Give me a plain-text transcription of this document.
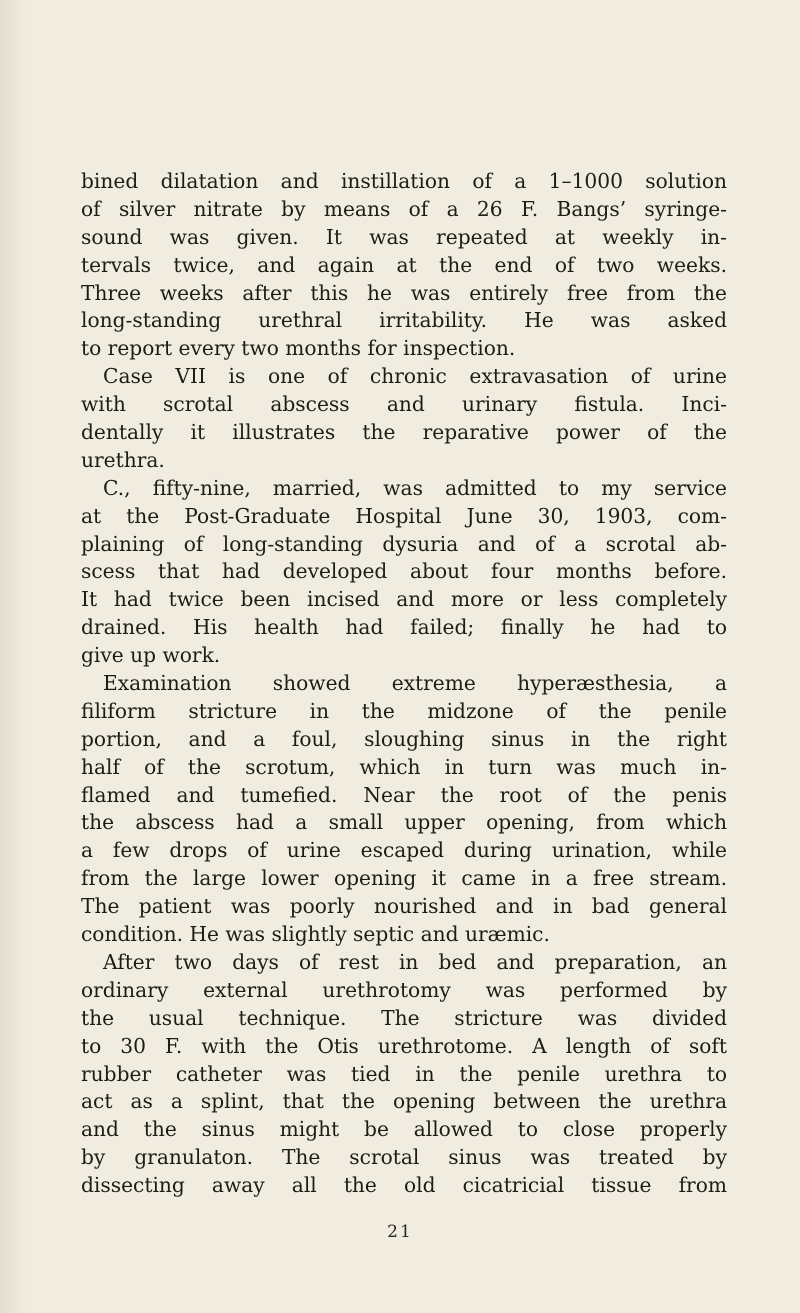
bined dilatation and instillation of a 1–1000 solution
of silver nitrate by means of a 26 F. Bangs’ syringe-
sound was given. It was repeated at weekly in-
tervals twice, and again at the end of two weeks.
Three weeks after this he was entirely free from the
long-standing urethral irritability. He was asked
to report every two months for inspection.
Case VII is one of chronic extravasation of urine
with scrotal abscess and urinary fistula. Inci-
dentally it illustrates the reparative power of the
urethra.
C., fifty-nine, married, was admitted to my service
at the Post-Graduate Hospital June 30, 1903, com-
plaining of long-standing dysuria and of a scrotal ab-
scess that had developed about four months before.
It had twice been incised and more or less completely
drained. His health had failed; finally he had to
give up work.
Examination showed extreme hyperæsthesia, a
filiform stricture in the midzone of the penile
portion, and a foul, sloughing sinus in the right
half of the scrotum, which in turn was much in-
flamed and tumefied. Near the root of the penis
the abscess had a small upper opening, from which
a few drops of urine escaped during urination, while
from the large lower opening it came in a free stream.
The patient was poorly nourished and in bad general
condition. He was slightly septic and uræmic.
After two days of rest in bed and preparation, an
ordinary external urethrotomy was performed by
the usual technique. The stricture was divided
to 30 F. with the Otis urethrotome. A length of soft
rubber catheter was tied in the penile urethra to
act as a splint, that the opening between the urethra
and the sinus might be allowed to close properly
by granulaton. The scrotal sinus was treated by
dissecting away all the old cicatricial tissue from
21
